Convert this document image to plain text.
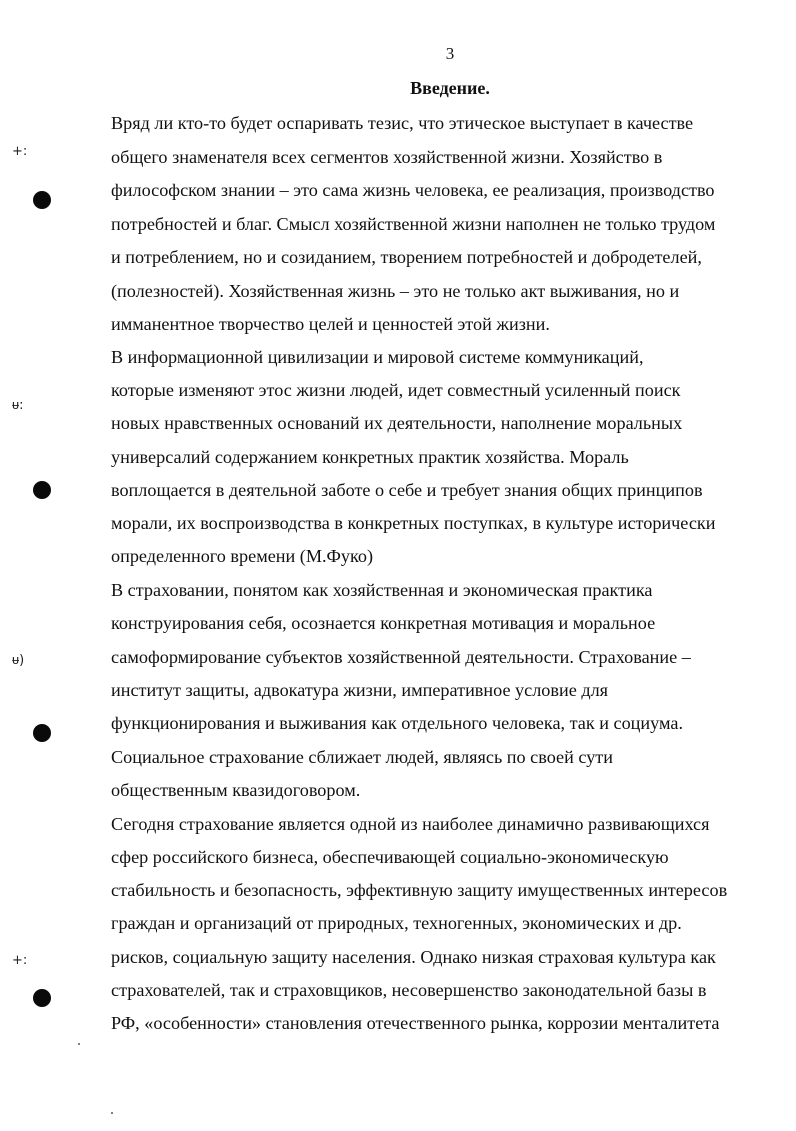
3
Введение.
Вряд ли кто-то будет оспаривать тезис, что этическое выступает в качестве
общего знаменателя всех сегментов хозяйственной жизни. Хозяйство в
философском знании – это сама жизнь человека, ее реализация, производство
потребностей и благ. Смысл хозяйственной жизни наполнен не только трудом
и потреблением, но и созиданием, творением потребностей и добродетелей,
(полезностей). Хозяйственная жизнь – это не только акт выживания, но и
имманентное творчество целей и ценностей этой жизни.
В информационной цивилизации и мировой системе коммуникаций,
которые изменяют этос жизни людей, идет совместный усиленный поиск
новых нравственных оснований их деятельности, наполнение моральных
универсалий содержанием конкретных практик хозяйства. Мораль
воплощается в деятельной заботе о себе и требует знания общих принципов
морали, их воспроизводства в конкретных поступках, в культуре исторически
определенного времени (М.Фуко)
В страховании, понятом как хозяйственная и экономическая практика
конструирования себя, осознается конкретная мотивация и моральное
самоформирование субъектов хозяйственной деятельности. Страхование –
институт защиты, адвокатура жизни, императивное условие для
функционирования и выживания как отдельного человека, так и социума.
Социальное страхование сближает людей, являясь по своей сути
общественным квазидоговором.
Сегодня страхование является одной из наиболее динамично развивающихся
сфер российского бизнеса, обеспечивающей социально-экономическую
стабильность и безопасность, эффективную защиту имущественных интересов
граждан и организаций от природных, техногенных, экономических и др.
рисков, социальную защиту населения. Однако низкая страховая культура как
страхователей, так и страховщиков, несовершенство законодательной базы в
РФ, «особенности» становления отечественного рынка, коррозии менталитета
+:
ᵾ:
ᵾ)
+:
